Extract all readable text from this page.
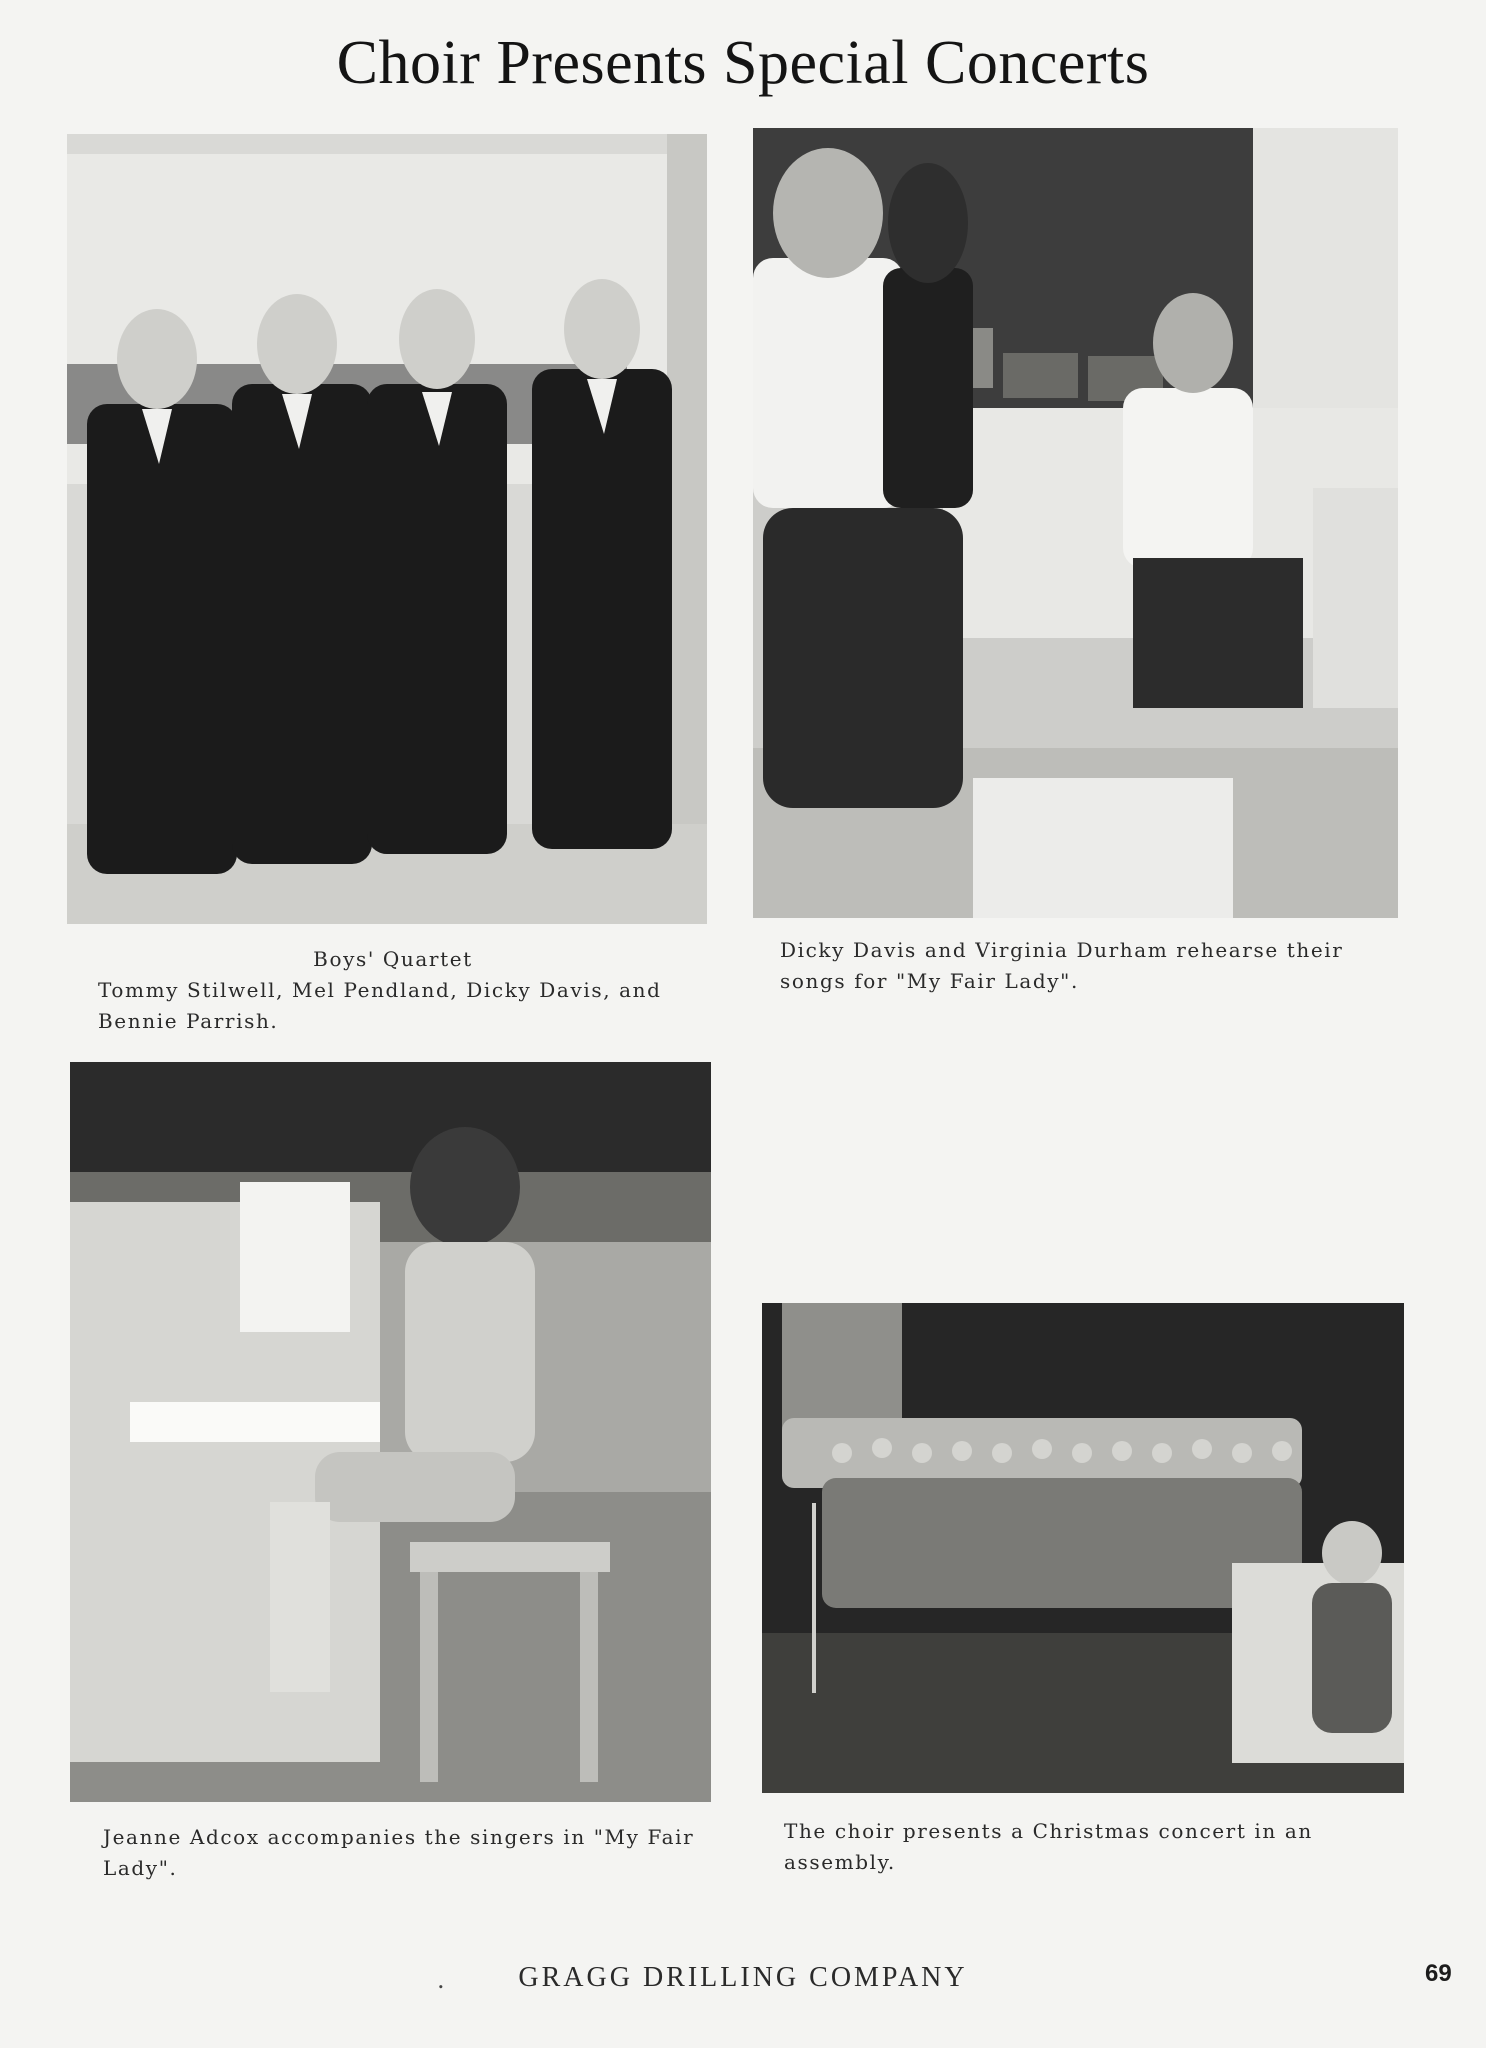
Choir Presents Special Concerts
Boys' Quartet
Tommy Stilwell, Mel Pendland, Dicky Davis, and Bennie Parrish.
Dicky Davis and Virginia Durham rehearse their songs for "My Fair Lady".
Jeanne Adcox accompanies the singers in "My Fair Lady".
The choir presents a Christmas concert in an assembly.
.	GRAGG DRILLING COMPANY	69
